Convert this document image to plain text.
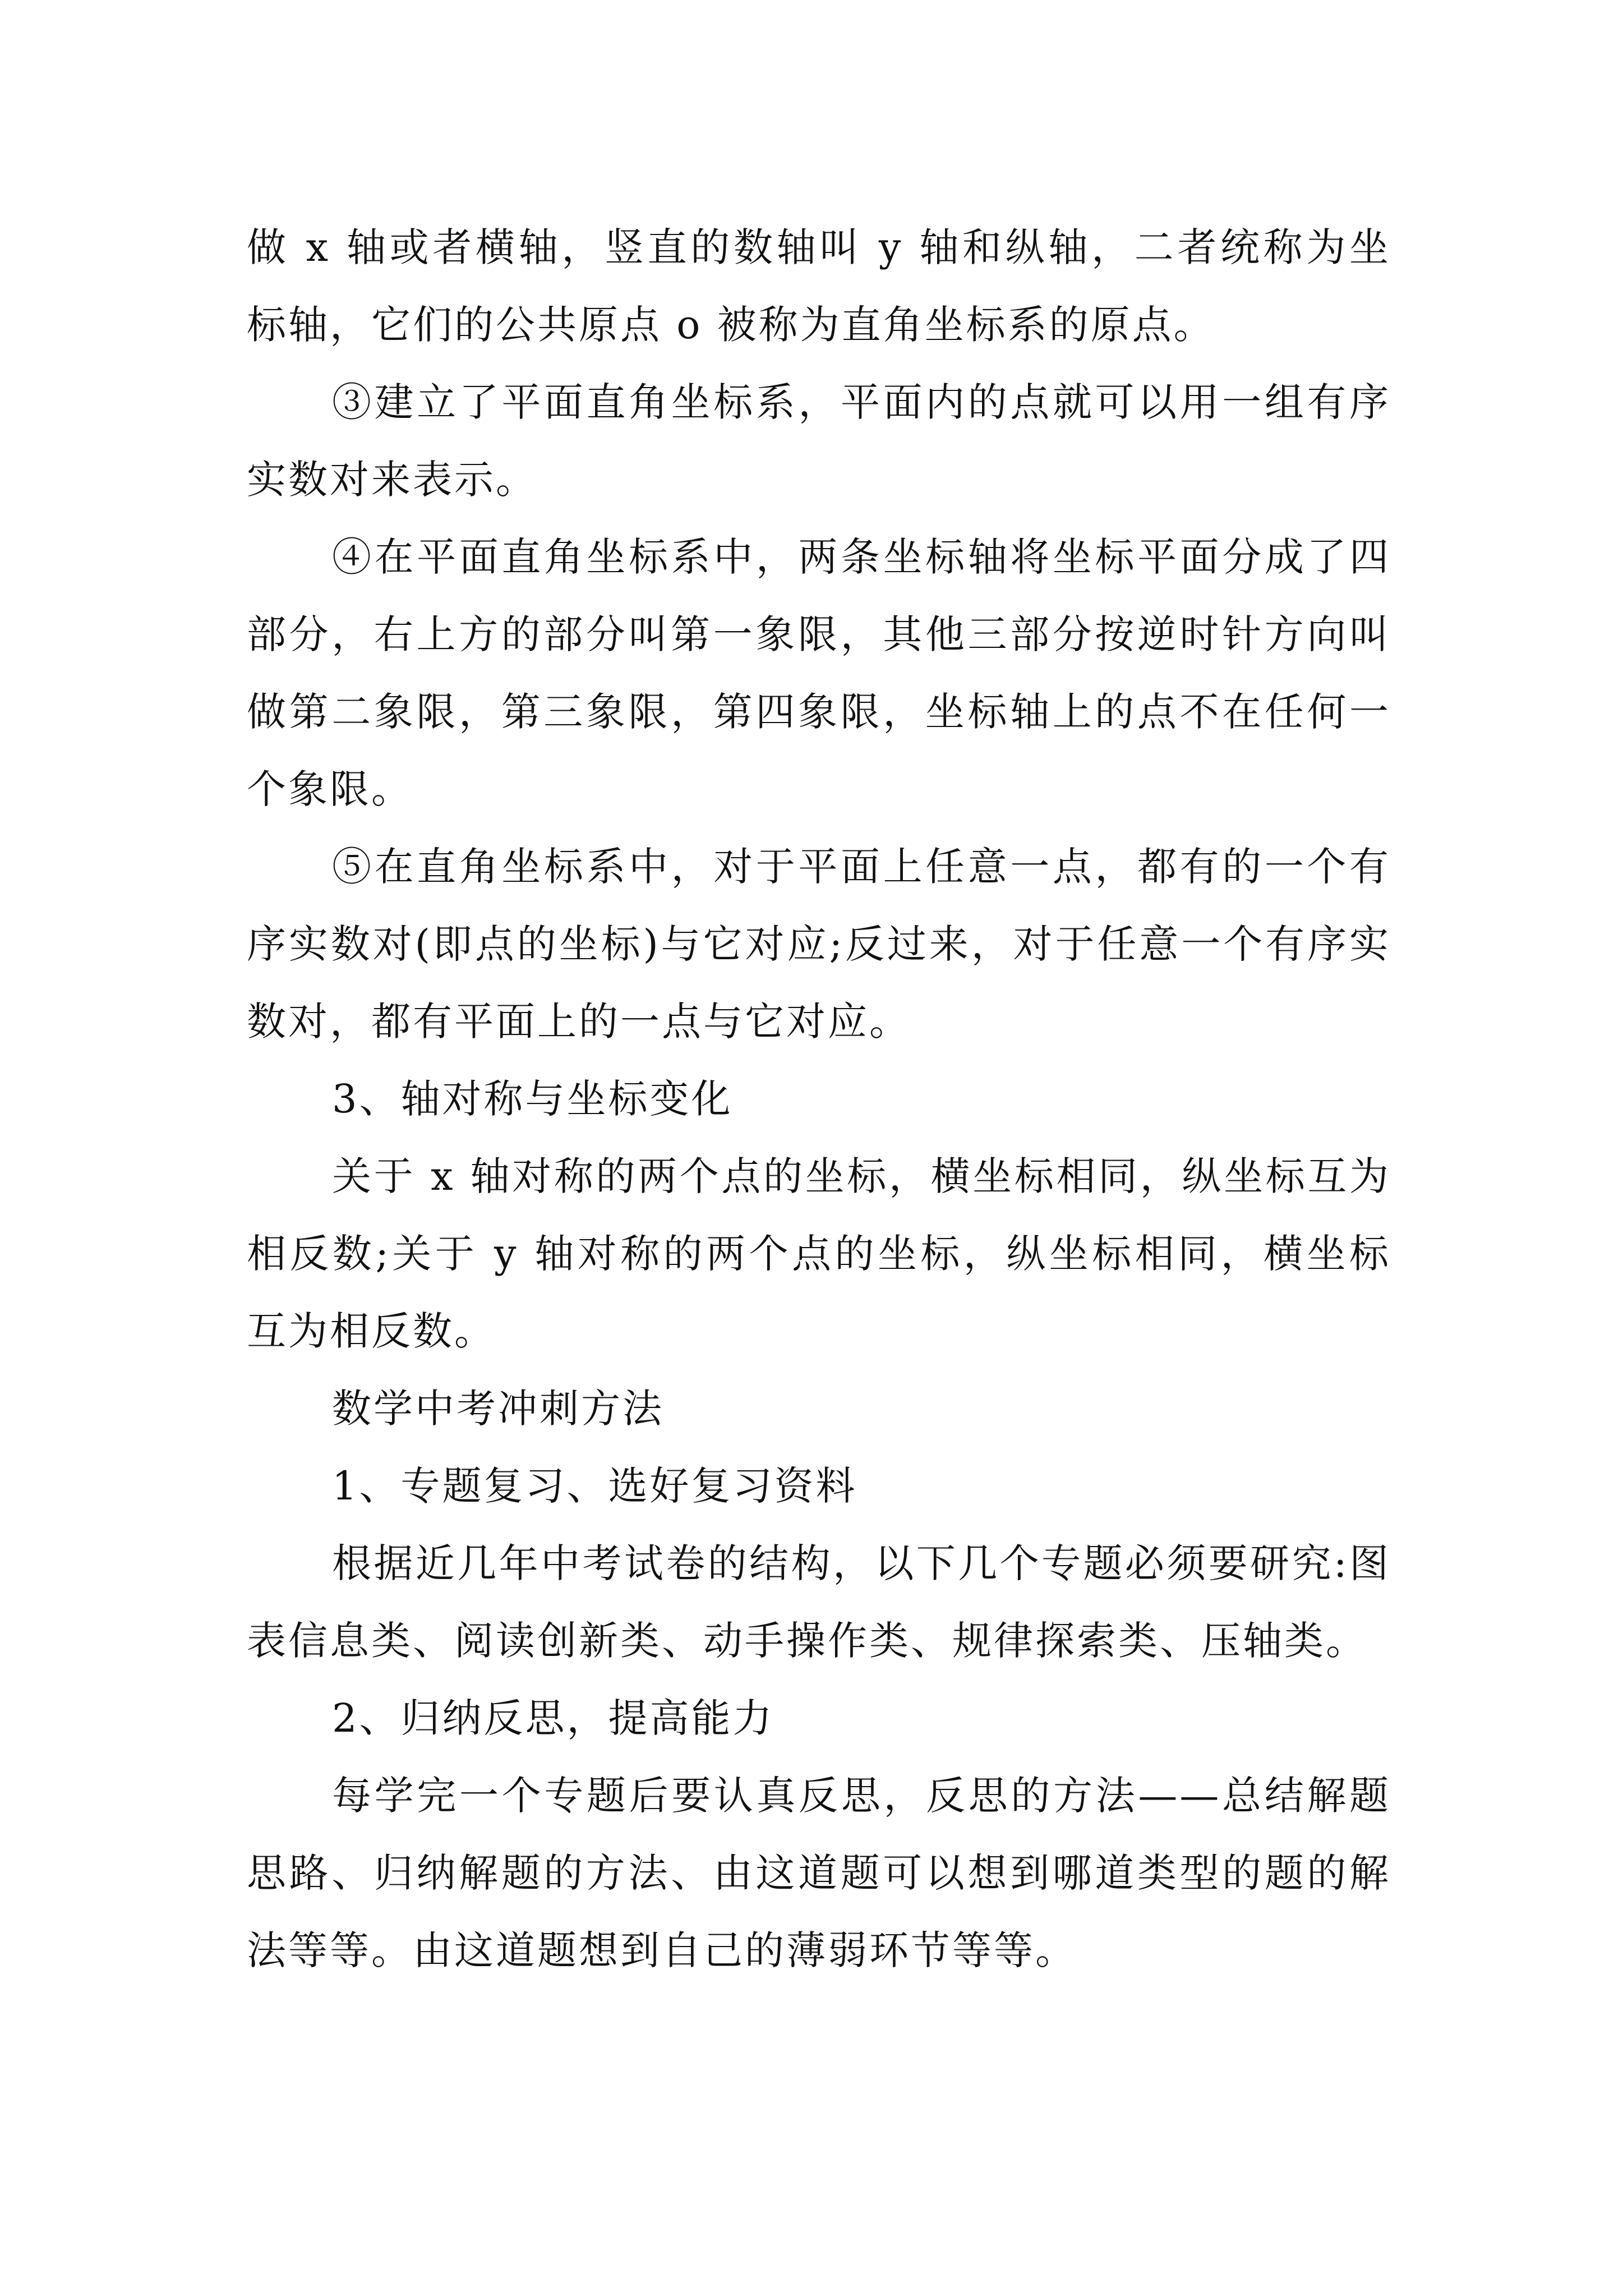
做 x 轴或者横轴，竖直的数轴叫 y 轴和纵轴，二者统称为坐标轴，它们的公共原点 o 被称为直角坐标系的原点。

③建立了平面直角坐标系，平面内的点就可以用一组有序实数对来表示。

④在平面直角坐标系中，两条坐标轴将坐标平面分成了四部分，右上方的部分叫第一象限，其他三部分按逆时针方向叫做第二象限，第三象限，第四象限，坐标轴上的点不在任何一个象限。

⑤在直角坐标系中，对于平面上任意一点，都有的一个有序实数对(即点的坐标)与它对应;反过来，对于任意一个有序实数对，都有平面上的一点与它对应。

3、轴对称与坐标变化

关于 x 轴对称的两个点的坐标，横坐标相同，纵坐标互为相反数;关于 y 轴对称的两个点的坐标，纵坐标相同，横坐标互为相反数。

数学中考冲刺方法

1、专题复习、选好复习资料

根据近几年中考试卷的结构，以下几个专题必须要研究:图表信息类、阅读创新类、动手操作类、规律探索类、压轴类。

2、归纳反思，提高能力

每学完一个专题后要认真反思，反思的方法——总结解题思路、归纳解题的方法、由这道题可以想到哪道类型的题的解法等等。由这道题想到自己的薄弱环节等等。
